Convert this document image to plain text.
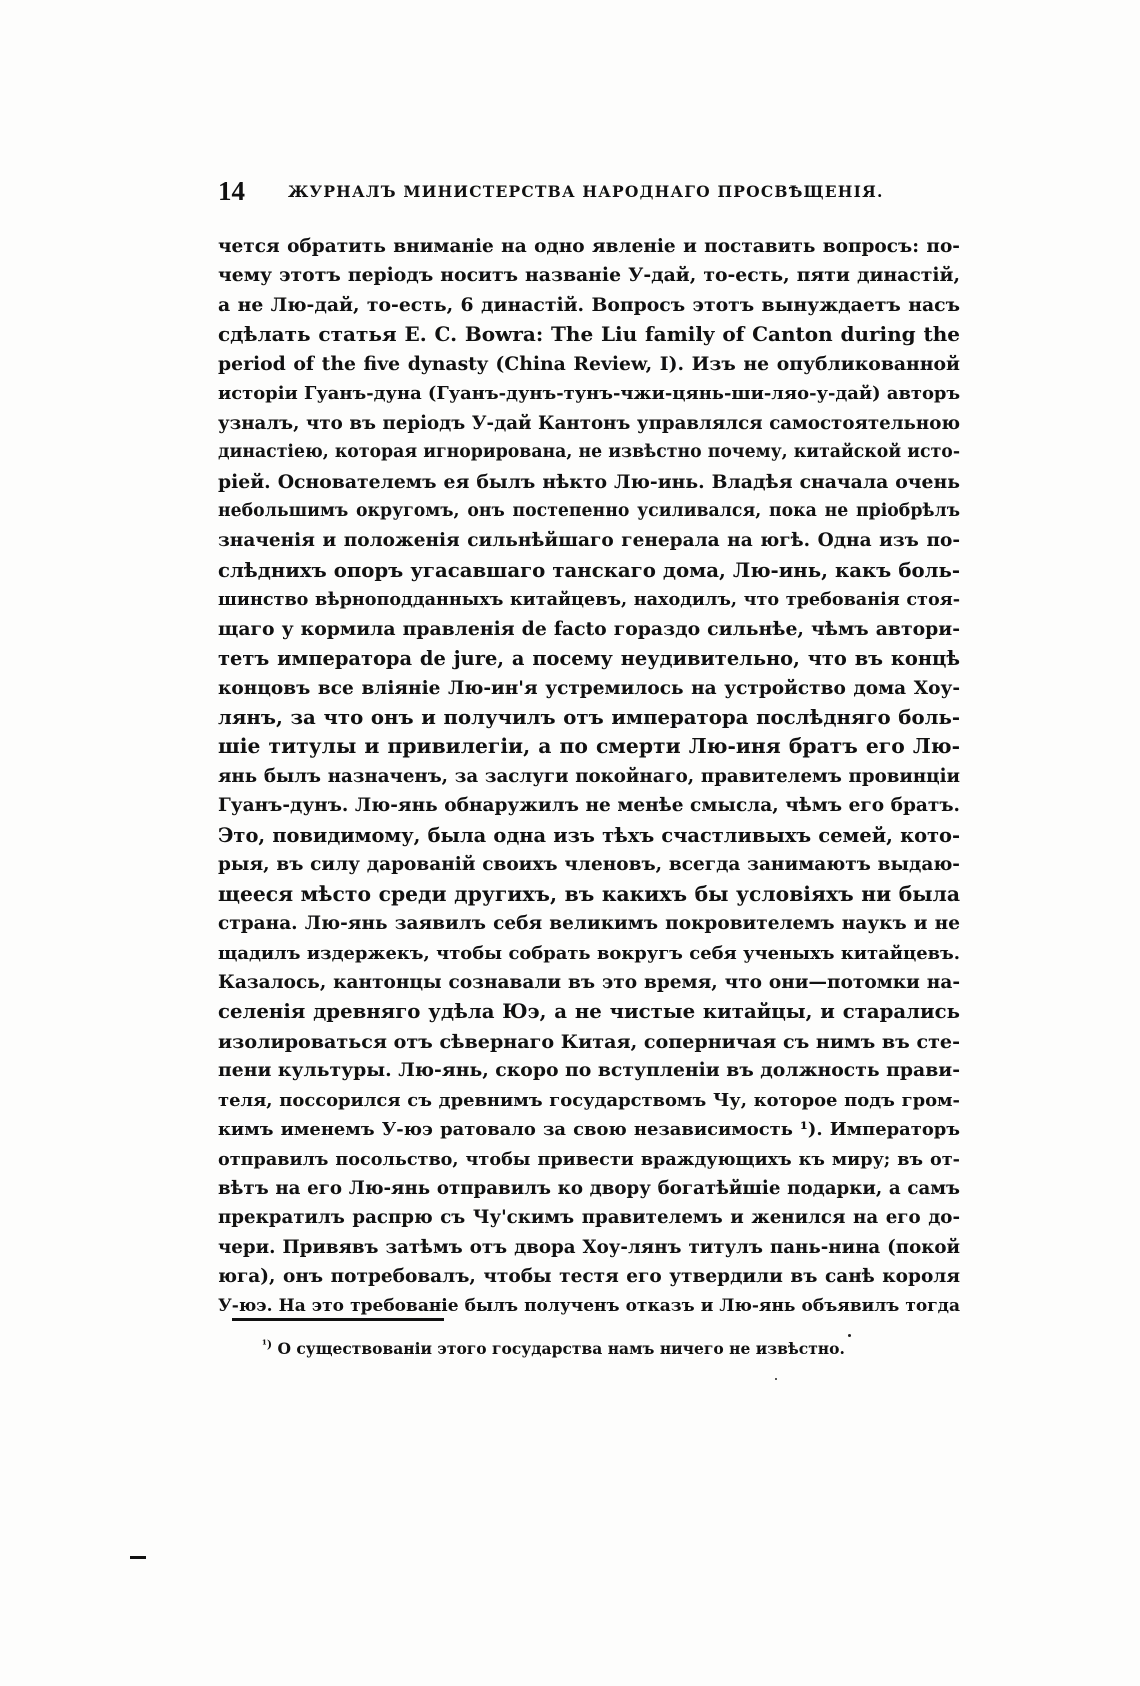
14	ЖУРНАЛЪ МИНИСТЕРСТВА НАРОДНАГО ПРОСВѢЩЕНІЯ.
чется обратить вниманіе на одно явленіе и поставить вопросъ: по-
чему этотъ періодъ носитъ названіе У-дай, то-есть, пяти династій,
а не Лю-дай, то-есть, 6 династій. Вопросъ этотъ вынуждаетъ насъ
сдѣлать статья E. C. Bowra: The Liu family of Canton during the
period of the five dynasty (China Review, I). Изъ не опубликованной
исторіи Гуанъ-дуна (Гуанъ-дунъ-тунъ-чжи-цянь-ши-ляо-у-дай) авторъ
узналъ, что въ періодъ У-дай Кантонъ управлялся самостоятельною
династіею, которая игнорирована, не извѣстно почему, китайской исто-
ріей. Основателемъ ея былъ нѣкто Лю-инь. Владѣя сначала очень
небольшимъ округомъ, онъ постепенно усиливался, пока не пріобрѣлъ
значенія и положенія сильнѣйшаго генерала на югѣ. Одна изъ по-
слѣднихъ опоръ угасавшаго танскаго дома, Лю-инь, какъ боль-
шинство вѣрноподданныхъ китайцевъ, находилъ, что требованія стоя-
щаго у кормила правленія de facto гораздо сильнѣе, чѣмъ автори-
тетъ императора de jure, а посему неудивительно, что въ концѣ
концовъ все вліяніе Лю-ин'я устремилось на устройство дома Хоу-
лянъ, за что онъ и получилъ отъ императора послѣдняго боль-
шіе титулы и привилегіи, а по смерти Лю-иня братъ его Лю-
янь былъ назначенъ, за заслуги покойнаго, правителемъ провинціи
Гуанъ-дунъ. Лю-янь обнаружилъ не менѣе смысла, чѣмъ его братъ.
Это, повидимому, была одна изъ тѣхъ счастливыхъ семей, кото-
рыя, въ силу дарованій своихъ членовъ, всегда занимаютъ выдаю-
щееся мѣсто среди другихъ, въ какихъ бы условіяхъ ни была
страна. Лю-янь заявилъ себя великимъ покровителемъ наукъ и не
щадилъ издержекъ, чтобы собрать вокругъ себя ученыхъ китайцевъ.
Казалось, кантонцы сознавали въ это время, что они—потомки на-
селенія древняго удѣла Юэ, а не чистые китайцы, и старались
изолироваться отъ сѣвернаго Китая, соперничая съ нимъ въ сте-
пени культуры. Лю-янь, скоро по вступленіи въ должность прави-
теля, поссорился съ древнимъ государствомъ Чу, которое подъ гром-
кимъ именемъ У-юэ ратовало за свою независимость ¹). Императоръ
отправилъ посольство, чтобы привести враждующихъ къ миру; въ от-
вѣтъ на его Лю-янь отправилъ ко двору богатѣйшіе подарки, а самъ
прекратилъ распрю съ Чу'скимъ правителемъ и женился на его до-
чери. Привявъ затѣмъ отъ двора Хоу-лянъ титулъ пань-нина (покой
юга), онъ потребовалъ, чтобы тестя его утвердили въ санѣ короля
У-юэ. На это требованіе былъ полученъ отказъ и Лю-янь объявилъ тогда
$^{^1)}$ О существованіи этого государства намъ ничего не извѣстно.
